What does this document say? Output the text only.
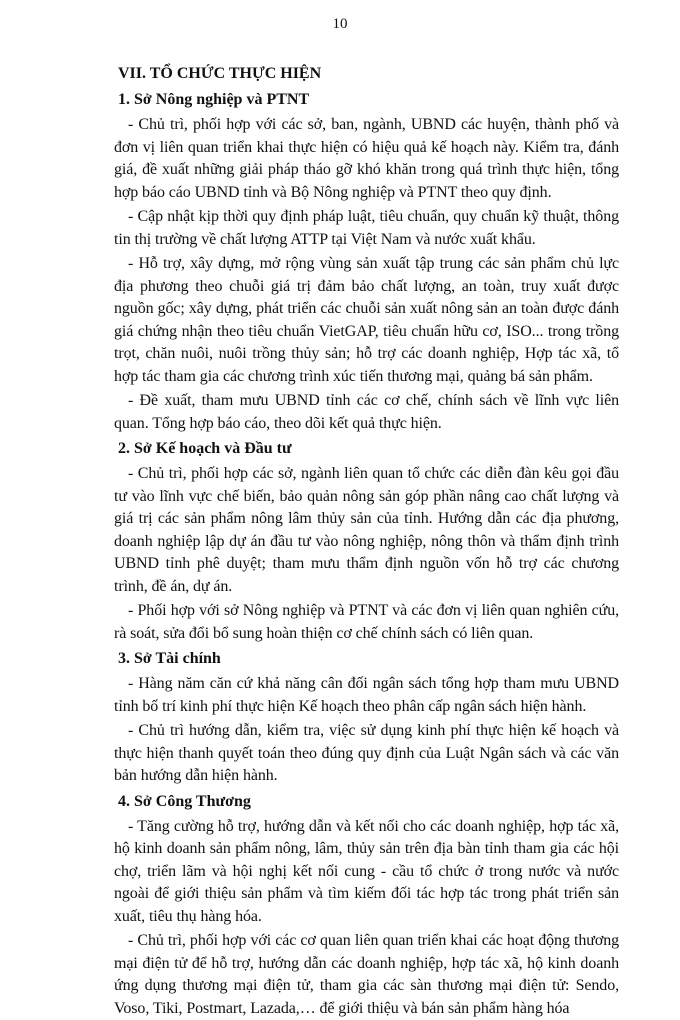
10
VII. TỔ CHỨC THỰC HIỆN
1. Sở Nông nghiệp và PTNT

- Chủ trì, phối hợp với các sở, ban, ngành, UBND các huyện, thành phố và đơn vị liên quan triển khai thực hiện có hiệu quả kế hoạch này. Kiểm tra, đánh giá, đề xuất những giải pháp tháo gỡ khó khăn trong quá trình thực hiện, tổng hợp báo cáo UBND tỉnh và Bộ Nông nghiệp và PTNT theo quy định.

- Cập nhật kịp thời quy định pháp luật, tiêu chuẩn, quy chuẩn kỹ thuật, thông tin thị trường về chất lượng ATTP tại Việt Nam và nước xuất khẩu.

- Hỗ trợ, xây dựng, mở rộng vùng sản xuất tập trung các sản phẩm chủ lực địa phương theo chuỗi giá trị đảm bảo chất lượng, an toàn, truy xuất được nguồn gốc; xây dựng, phát triển các chuỗi sản xuất nông sản an toàn được đánh giá chứng nhận theo tiêu chuẩn VietGAP, tiêu chuẩn hữu cơ, ISO... trong trồng trọt, chăn nuôi, nuôi trồng thủy sản; hỗ trợ các doanh nghiệp, Hợp tác xã, tổ hợp tác tham gia các chương trình xúc tiến thương mại, quảng bá sản phẩm.

- Đề xuất, tham mưu UBND tỉnh các cơ chế, chính sách về lĩnh vực liên quan. Tổng hợp báo cáo, theo dõi kết quả thực hiện.

2. Sở Kế hoạch và Đầu tư

- Chủ trì, phối hợp các sở, ngành liên quan tổ chức các diễn đàn kêu gọi đầu tư vào lĩnh vực chế biến, bảo quản nông sản góp phần nâng cao chất lượng và giá trị các sản phẩm nông lâm thủy sản của tỉnh. Hướng dẫn các địa phương, doanh nghiệp lập dự án đầu tư vào nông nghiệp, nông thôn và thẩm định trình UBND tỉnh phê duyệt; tham mưu thẩm định nguồn vốn hỗ trợ các chương trình, đề án, dự án.

- Phối hợp với sở Nông nghiệp và PTNT và các đơn vị liên quan nghiên cứu, rà soát, sửa đổi bổ sung hoàn thiện cơ chế chính sách có liên quan.

3. Sở Tài chính

- Hàng năm căn cứ khả năng cân đối ngân sách tổng hợp tham mưu UBND tỉnh bố trí kinh phí thực hiện Kế hoạch theo phân cấp ngân sách hiện hành.

- Chủ trì hướng dẫn, kiểm tra, việc sử dụng kinh phí thực hiện kế hoạch và thực hiện thanh quyết toán theo đúng quy định của Luật Ngân sách và các văn bản hướng dẫn hiện hành.

4. Sở Công Thương

- Tăng cường hỗ trợ, hướng dẫn và kết nối cho các doanh nghiệp, hợp tác xã, hộ kinh doanh sản phẩm nông, lâm, thủy sản trên địa bàn tỉnh tham gia các hội chợ, triển lãm và hội nghị kết nối cung - cầu tổ chức ở trong nước và nước ngoài để giới thiệu sản phẩm và tìm kiếm đối tác hợp tác trong phát triển sản xuất, tiêu thụ hàng hóa.

- Chủ trì, phối hợp với các cơ quan liên quan triển khai các hoạt động thương mại điện tử để hỗ trợ, hướng dẫn các doanh nghiệp, hợp tác xã, hộ kinh doanh ứng dụng thương mại điện tử, tham gia các sàn thương mại điện tử: Sendo, Voso, Tiki, Postmart, Lazada,… để giới thiệu và bán sản phẩm hàng hóa
